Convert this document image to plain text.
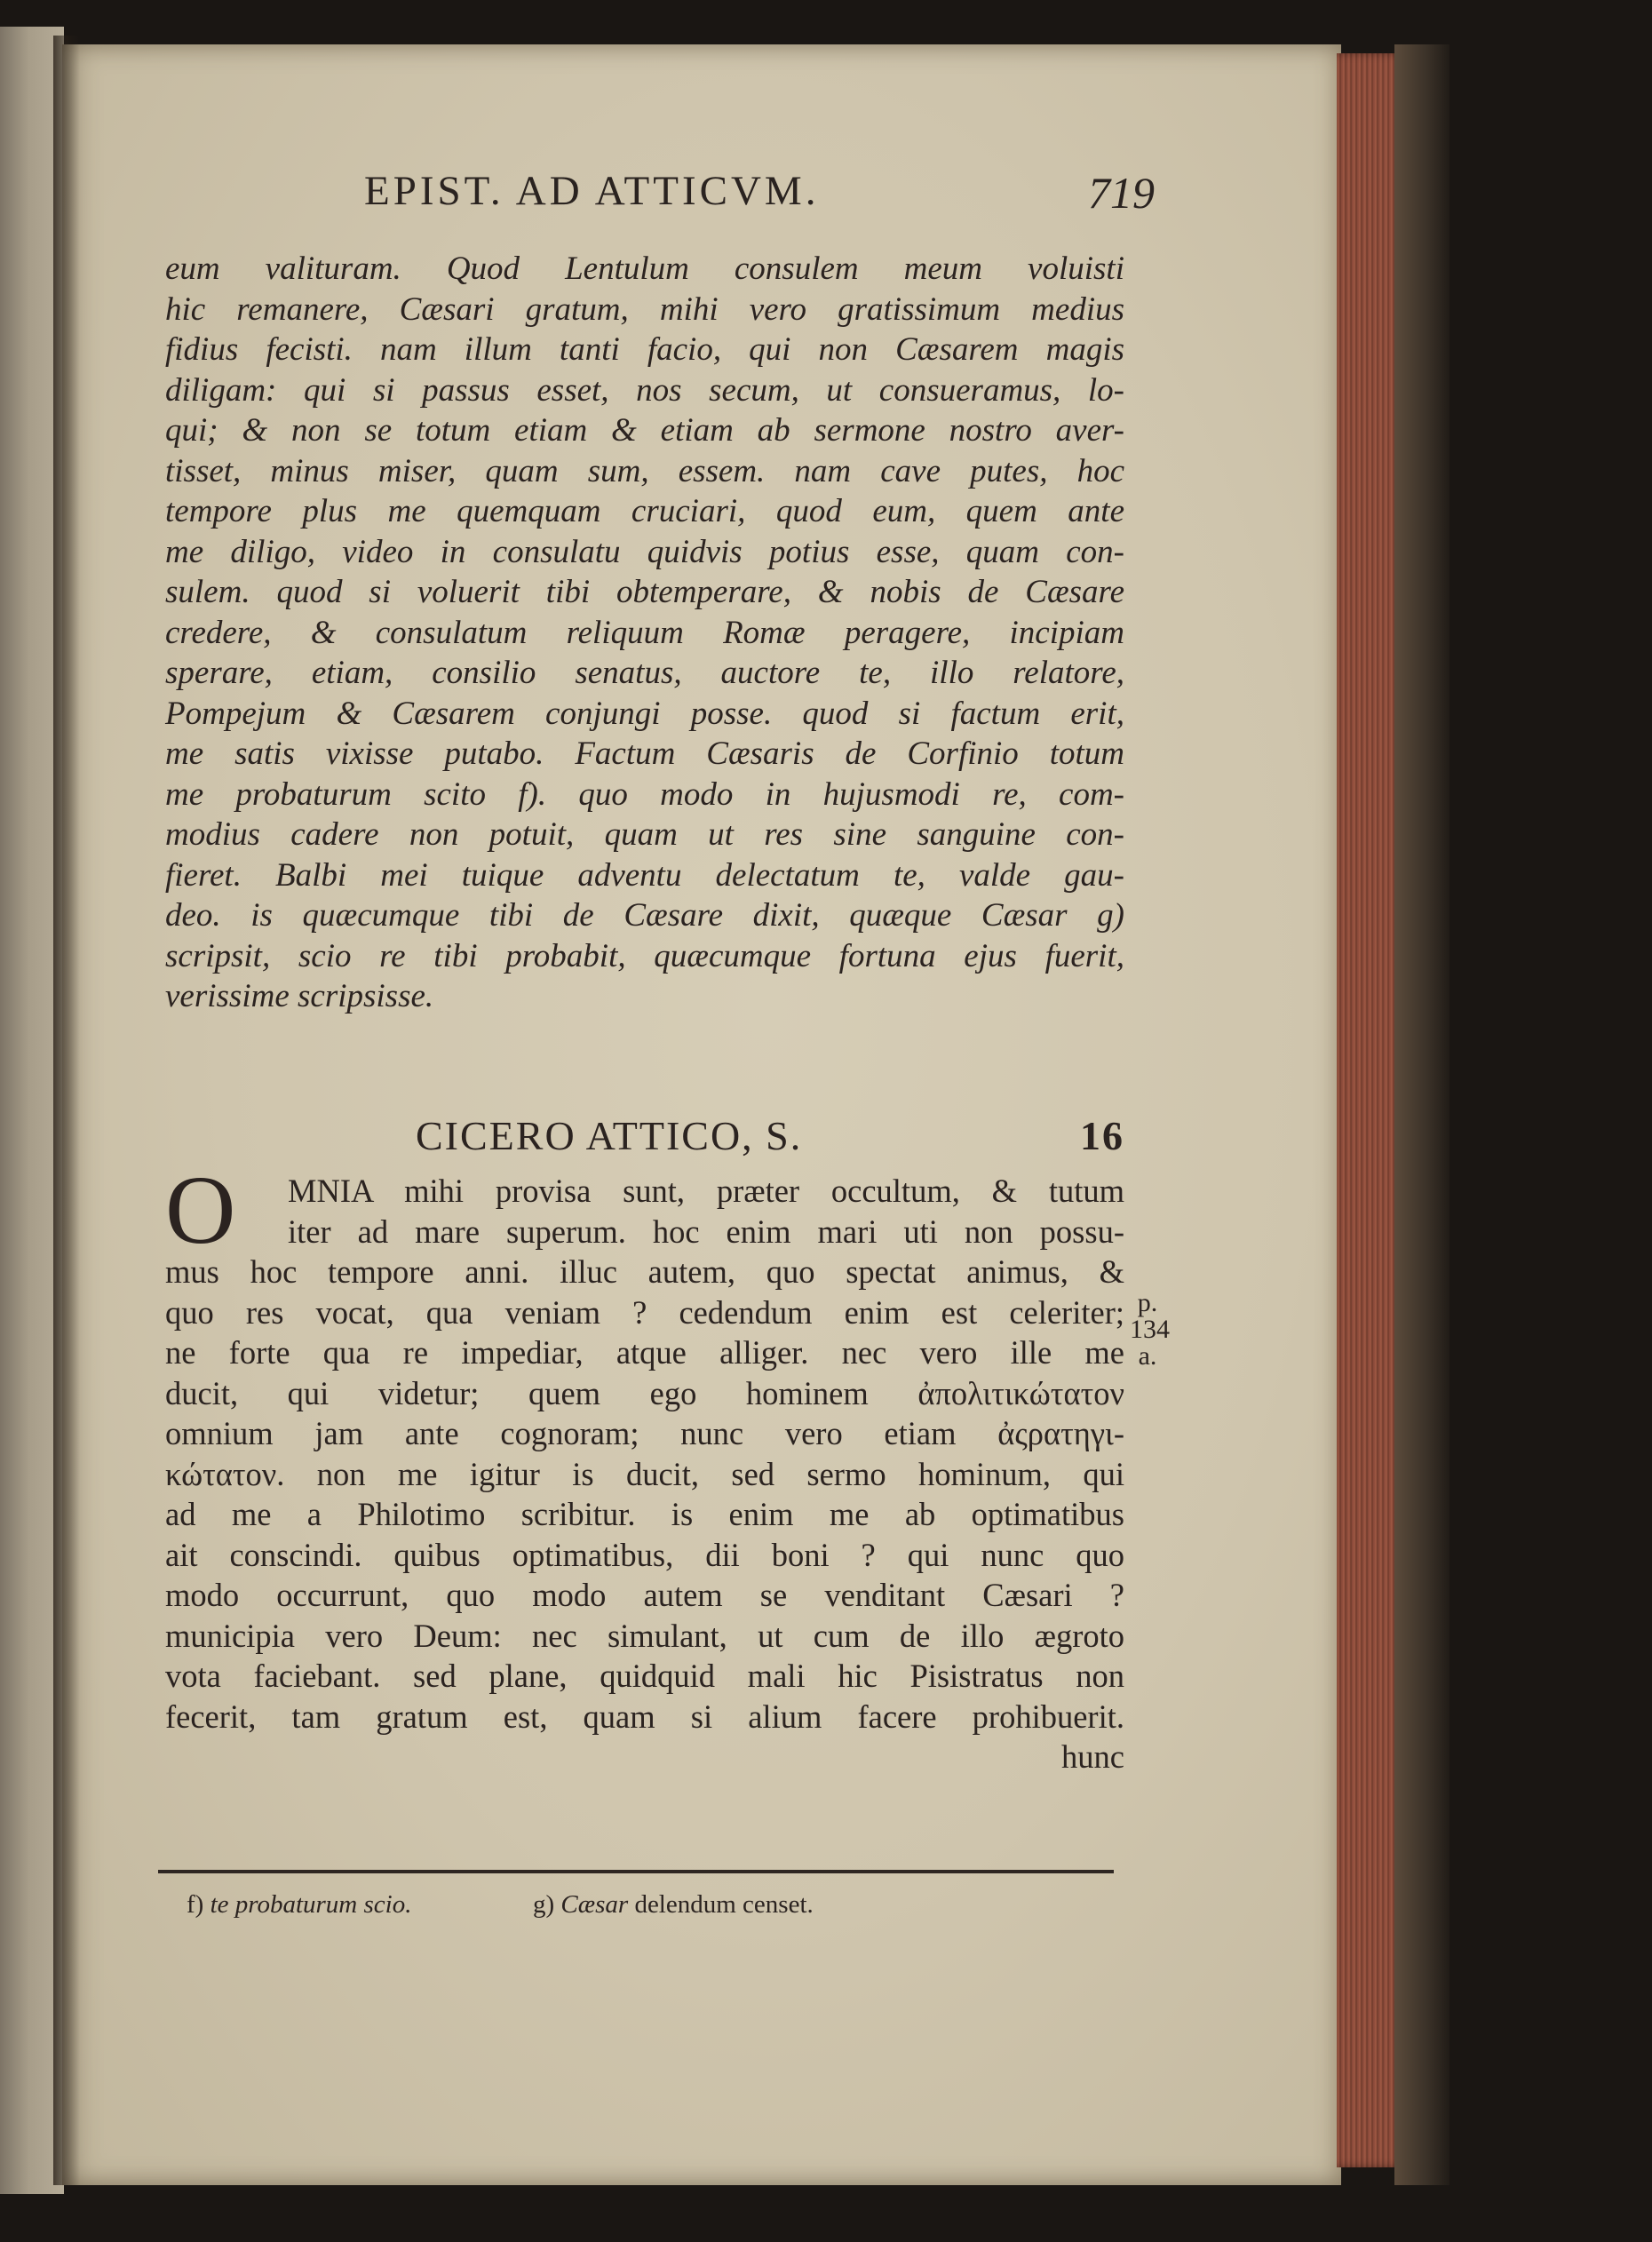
EPIST. AD ATTICVM.	719
eum valituram. Quod Lentulum consulem meum voluisti
hic remanere, Cæsari gratum, mihi vero gratissimum medius
fidius fecisti. nam illum tanti facio, qui non Cæsarem magis
diligam: qui si passus esset, nos secum, ut consueramus, lo-
qui; & non se totum etiam & etiam ab sermone nostro aver-
tisset, minus miser, quam sum, essem. nam cave putes, hoc
tempore plus me quemquam cruciari, quod eum, quem ante
me diligo, video in consulatu quidvis potius esse, quam con-
sulem. quod si voluerit tibi obtemperare, & nobis de Cæsare
credere, & consulatum reliquum Romæ peragere, incipiam
sperare, etiam, consilio senatus, auctore te, illo relatore,
Pompejum & Cæsarem conjungi posse. quod si factum erit,
me satis vixisse putabo. Factum Cæsaris de Corfinio totum
me probaturum scito f). quo modo in hujusmodi re, com-
modius cadere non potuit, quam ut res sine sanguine con-
fieret. Balbi mei tuique adventu delectatum te, valde gau-
deo. is quæcumque tibi de Cæsare dixit, quæque Cæsar g)
scripsit, scio re tibi probabit, quæcumque fortuna ejus fuerit,
verissime scripsisse.
CICERO ATTICO, S.	16
O	MNIA mihi provisa sunt, præter occultum, & tutum
iter ad mare superum. hoc enim mari uti non possu-
mus hoc tempore anni. illuc autem, quo spectat animus, &
quo res vocat, qua veniam ? cedendum enim est celeriter;
ne forte qua re impediar, atque alliger. nec vero ille me
ducit, qui videtur; quem ego hominem ἀπολιτικώτατον
omnium jam ante cognoram; nunc vero etiam ἀςρατηγι-
κώτατον. non me igitur is ducit, sed sermo hominum, qui
ad me a Philotimo scribitur. is enim me ab optimatibus
ait conscindi. quibus optimatibus, dii boni ? qui nunc quo
modo occurrunt, quo modo autem se venditant Cæsari ?
municipia vero Deum: nec simulant, ut cum de illo ægroto
vota faciebant. sed plane, quidquid mali hic Pisistratus non
fecerit, tam gratum est, quam si alium facere prohibuerit.
hunc
p.
134
a.
f) te probaturum scio.	g) Cæsar delendum censet.
